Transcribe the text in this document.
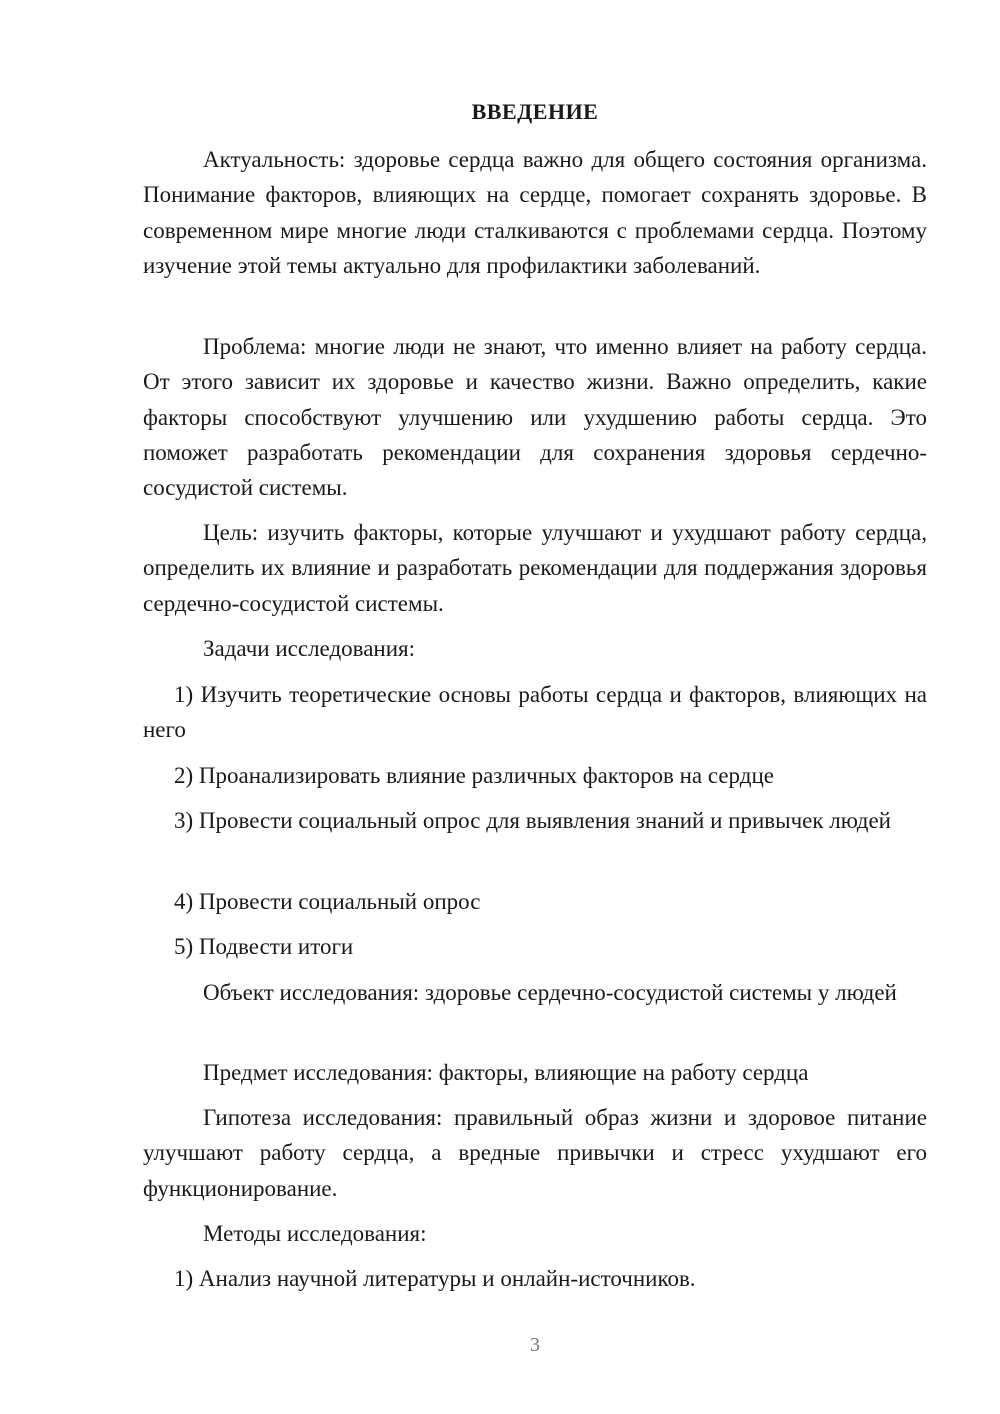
ВВЕДЕНИЕ

Актуальность: здоровье сердца важно для общего состояния организма. Понимание факторов, влияющих на сердце, помогает сохранять здоровье. В современном мире многие люди сталкиваются с проблемами сердца. Поэтому изучение этой темы актуально для профилактики заболеваний.

Проблема: многие люди не знают, что именно влияет на работу сердца. От этого зависит их здоровье и качество жизни. Важно определить, какие факторы способствуют улучшению или ухудшению работы сердца. Это поможет разработать рекомендации для сохранения здоровья сердечно-сосудистой системы.

Цель: изучить факторы, которые улучшают и ухудшают работу сердца, определить их влияние и разработать рекомендации для поддержания здоровья сердечно-сосудистой системы.

Задачи исследования:

1) Изучить теоретические основы работы сердца и факторов, влияющих на него

2) Проанализировать влияние различных факторов на сердце

3) Провести социальный опрос для выявления знаний и привычек людей

4) Провести социальный опрос

5) Подвести итоги

Объект исследования: здоровье сердечно-сосудистой системы у людей

Предмет исследования: факторы, влияющие на работу сердца

Гипотеза исследования: правильный образ жизни и здоровое питание улучшают работу сердца, а вредные привычки и стресс ухудшают его функционирование.

Методы исследования:

1) Анализ научной литературы и онлайн-источников.

3
